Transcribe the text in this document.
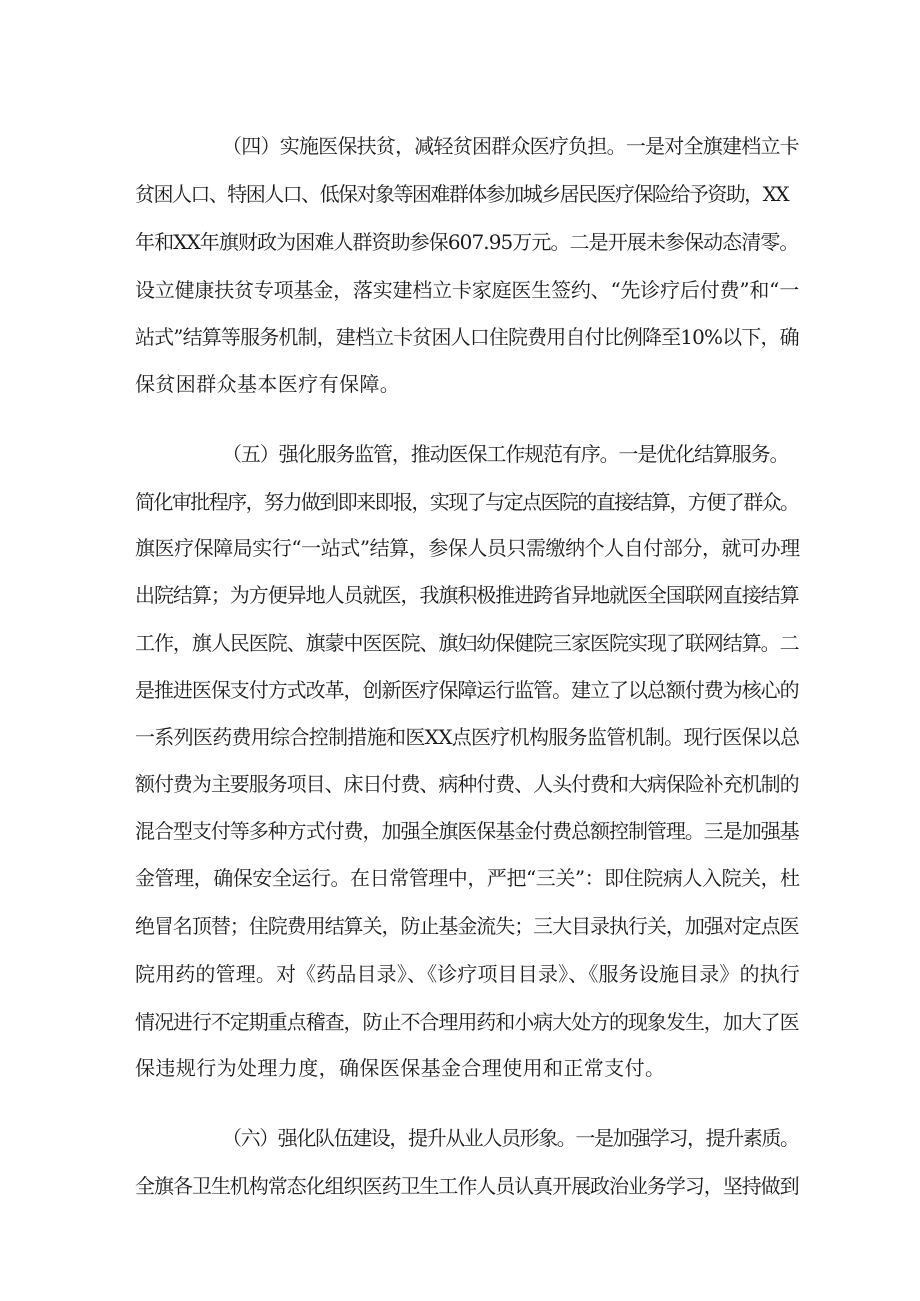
（四）实施医保扶贫，减轻贫困群众医疗负担。一是对全旗建档立卡
贫困人口、特困人口、低保对象等困难群体参加城乡居民医疗保险给予资助，XX
年和XX年旗财政为困难人群资助参保607.95万元。二是开展未参保动态清零。
设立健康扶贫专项基金，落实建档立卡家庭医生签约、“先诊疗后付费”和“一
站式”结算等服务机制，建档立卡贫困人口住院费用自付比例降至10%以下，确
保贫困群众基本医疗有保障。
（五）强化服务监管，推动医保工作规范有序。一是优化结算服务。
简化审批程序，努力做到即来即报，实现了与定点医院的直接结算，方便了群众。
旗医疗保障局实行“一站式”结算，参保人员只需缴纳个人自付部分，就可办理
出院结算；为方便异地人员就医，我旗积极推进跨省异地就医全国联网直接结算
工作，旗人民医院、旗蒙中医医院、旗妇幼保健院三家医院实现了联网结算。二
是推进医保支付方式改革，创新医疗保障运行监管。建立了以总额付费为核心的
一系列医药费用综合控制措施和医XX点医疗机构服务监管机制。现行医保以总
额付费为主要服务项目、床日付费、病种付费、人头付费和大病保险补充机制的
混合型支付等多种方式付费，加强全旗医保基金付费总额控制管理。三是加强基
金管理，确保安全运行。在日常管理中，严把“三关”：即住院病人入院关，杜
绝冒名顶替；住院费用结算关，防止基金流失；三大目录执行关，加强对定点医
院用药的管理。对《药品目录》、《诊疗项目目录》、《服务设施目录》的执行
情况进行不定期重点稽查，防止不合理用药和小病大处方的现象发生，加大了医
保违规行为处理力度，确保医保基金合理使用和正常支付。
（六）强化队伍建设，提升从业人员形象。一是加强学习，提升素质。
全旗各卫生机构常态化组织医药卫生工作人员认真开展政治业务学习，坚持做到
